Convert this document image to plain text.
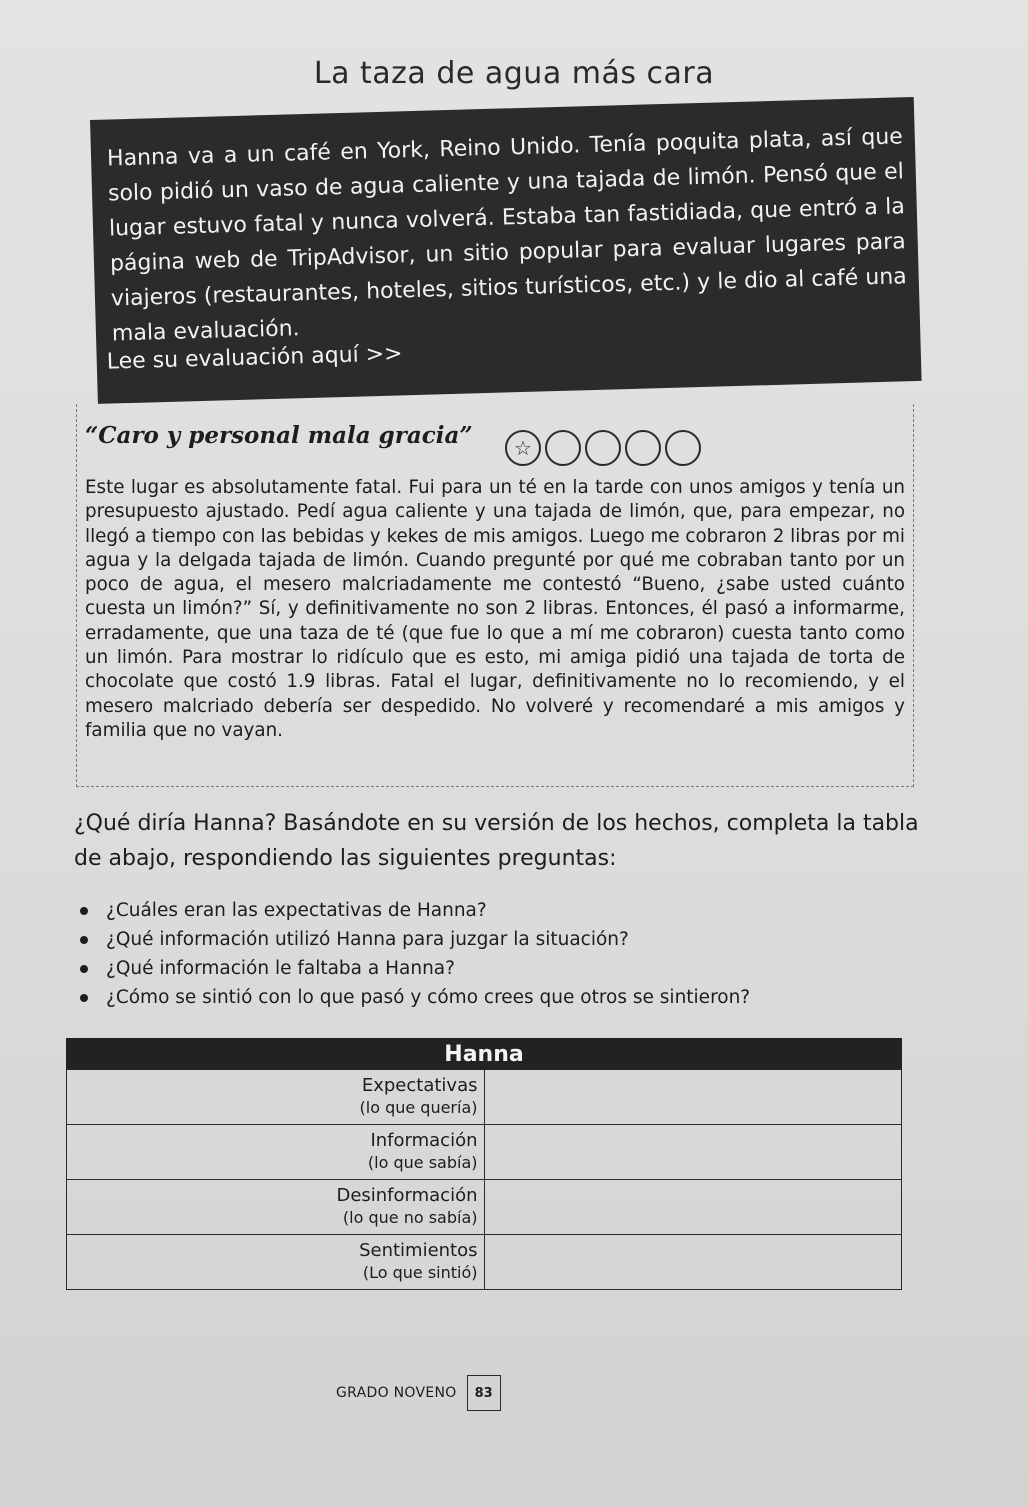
La taza de agua más cara
Hanna va a un café en York, Reino Unido. Tenía poquita plata, así que solo pidió un vaso de agua caliente y una tajada de limón. Pensó que el lugar estuvo fatal y nunca volverá. Estaba tan fastidiada, que entró a la página web de TripAdvisor, un sitio popular para evaluar lugares para viajeros (restaurantes, hoteles, sitios turísticos, etc.) y le dio al café una mala evaluación.
Lee su evaluación aquí >>
“Caro y personal mala gracia” ☆
Este lugar es absolutamente fatal. Fui para un té en la tarde con unos amigos y tenía un presupuesto ajustado. Pedí agua caliente y una tajada de limón, que, para empezar, no llegó a tiempo con las bebidas y kekes de mis amigos. Luego me cobraron 2 libras por mi agua y la delgada tajada de limón. Cuando pregunté por qué me cobraban tanto por un poco de agua, el mesero malcriadamente me contestó “Bueno, ¿sabe usted cuánto cuesta un limón?” Sí, y definitivamente no son 2 libras. Entonces, él pasó a informarme, erradamente, que una taza de té (que fue lo que a mí me cobraron) cuesta tanto como un limón. Para mostrar lo ridículo que es esto, mi amiga pidió una tajada de torta de chocolate que costó 1.9 libras. Fatal el lugar, definitivamente no lo recomiendo, y el mesero malcriado debería ser despedido. No volveré y recomendaré a mis amigos y familia que no vayan.
¿Qué diría Hanna? Basándote en su versión de los hechos, completa la tabla de abajo, respondiendo las siguientes preguntas:
¿Cuáles eran las expectativas de Hanna?
¿Qué información utilizó Hanna para juzgar la situación?
¿Qué información le faltaba a Hanna?
¿Cómo se sintió con lo que pasó y cómo crees que otros se sintieron?
Hanna	

Expectativas
(lo que quería)	

Información
(lo que sabía)	

Desinformación
(lo que no sabía)	

Sentimientos
(Lo que sintió)	

GRADO NOVENO	83
